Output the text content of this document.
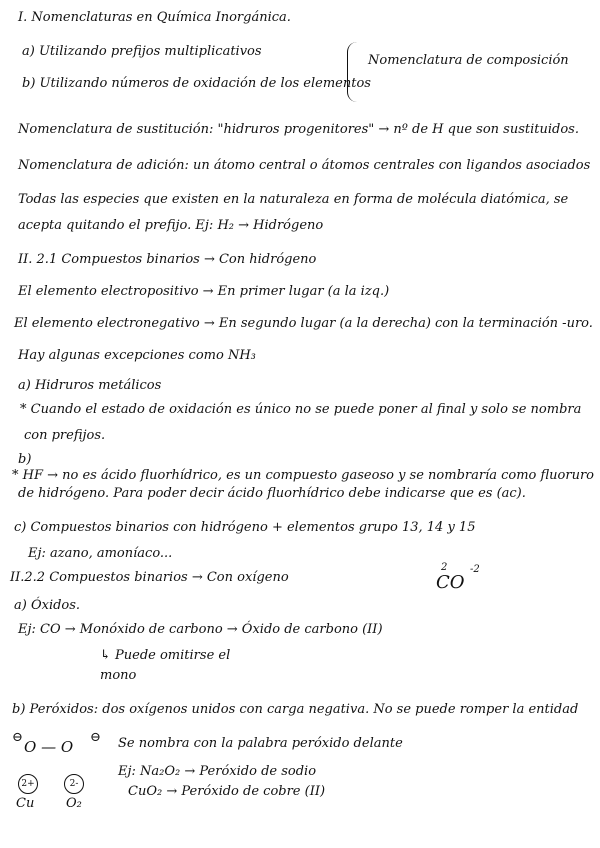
I. Nomenclaturas en Química Inorgánica.
a) Utilizando prefijos multiplicativos
b) Utilizando números de oxidación de los elementos
Nomenclatura de composición
Nomenclatura de sustitución: "hidruros progenitores" → nº de H que son sustituidos.
Nomenclatura de adición: un átomo central o átomos centrales con ligandos asociados
Todas las especies que existen en la naturaleza en forma de molécula diatómica, se
acepta quitando el prefijo. Ej: H₂ → Hidrógeno
II. 2.1 Compuestos binarios → Con hidrógeno
El elemento electropositivo → En primer lugar (a la izq.)
El elemento electronegativo → En segundo lugar (a la derecha) con la terminación -uro.
Hay algunas excepciones como NH₃
a) Hidruros metálicos
* Cuando el estado de oxidación es único no se puede poner al final y solo se nombra
con prefijos.
b)
* HF → no es ácido fluorhídrico, es un compuesto gaseoso y se nombraría como fluoruro
de hidrógeno. Para poder decir ácido fluorhídrico debe indicarse que es (ac).
c) Compuestos binarios con hidrógeno + elementos grupo 13, 14 y 15
Ej: azano, amoníaco...
II.2.2 Compuestos binarios → Con oxígeno
2
CO
-2
a) Óxidos.
Ej: CO → Monóxido de carbono → Óxido de carbono (II)
↳ Puede omitirse el
mono
b) Peróxidos: dos oxígenos unidos con carga negativa. No se puede romper la entidad
⊖
O — O
⊖ Se nombra con la palabra peróxido delante
2+
Cu
2-
O₂
Ej: Na₂O₂ → Peróxido de sodio
CuO₂ → Peróxido de cobre (II)
